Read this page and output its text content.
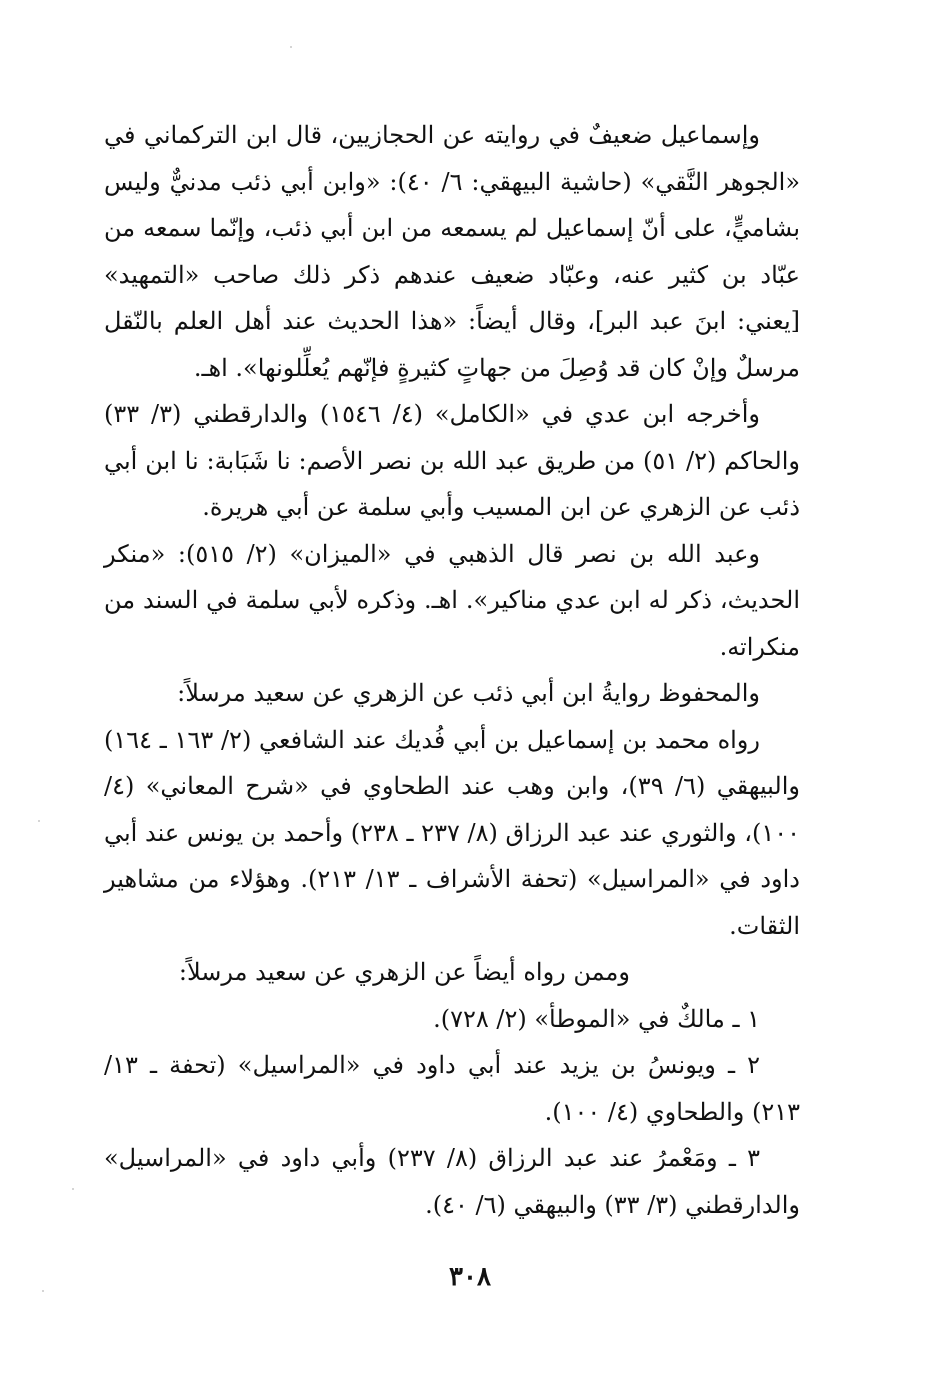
وإسماعيل ضعيفٌ في روايته عن الحجازيين، قال ابن التركماني في «الجوهر النَّقي» (حاشية البيهقي: ٦/ ٤٠): «وابن أبي ذئب مدنيٌّ وليس بشاميٍّ، على أنّ إسماعيل لم يسمعه من ابن أبي ذئب، وإنّما سمعه من عبّاد بن كثير عنه، وعبّاد ضعيف عندهم ذكر ذلك صاحب «التمهيد» [يعني: ابنَ عبد البر]، وقال أيضاً: «هذا الحديث عند أهل العلم بالنّقل مرسلٌ وإنْ كان قد وُصِلَ من جهاتٍ كثيرةٍ فإنّهم يُعلِّلونها». اهـ.

وأخرجه ابن عدي في «الكامل» (٤/ ١٥٤٦) والدارقطني (٣/ ٣٣) والحاكم (٢/ ٥١) من طريق عبد الله بن نصر الأصم: نا شَبَابة: نا ابن أبي ذئب عن الزهري عن ابن المسيب وأبي سلمة عن أبي هريرة.

وعبد الله بن نصر قال الذهبي في «الميزان» (٢/ ٥١٥): «منكر الحديث، ذكر له ابن عدي مناكير». اهـ. وذكره لأبي سلمة في السند من منكراته.

والمحفوظ روايةُ ابن أبي ذئب عن الزهري عن سعيد مرسلاً:

رواه محمد بن إسماعيل بن أبي فُديك عند الشافعي (٢/ ١٦٣ ـ ١٦٤) والبيهقي (٦/ ٣٩)، وابن وهب عند الطحاوي في «شرح المعاني» (٤/ ١٠٠)، والثوري عند عبد الرزاق (٨/ ٢٣٧ ـ ٢٣٨) وأحمد بن يونس عند أبي داود في «المراسيل» (تحفة الأشراف ـ ١٣/ ٢١٣). وهؤلاء من مشاهير الثقات.

وممن رواه أيضاً عن الزهري عن سعيد مرسلاً:

١ ـ مالكٌ في «الموطأ» (٢/ ٧٢٨).

٢ ـ ويونسُ بن يزيد عند أبي داود في «المراسيل» (تحفة ـ ١٣/ ٢١٣) والطحاوي (٤/ ١٠٠).

٣ ـ ومَعْمرُ عند عبد الرزاق (٨/ ٢٣٧) وأبي داود في «المراسيل» والدارقطني (٣/ ٣٣) والبيهقي (٦/ ٤٠).

٣٠٨
